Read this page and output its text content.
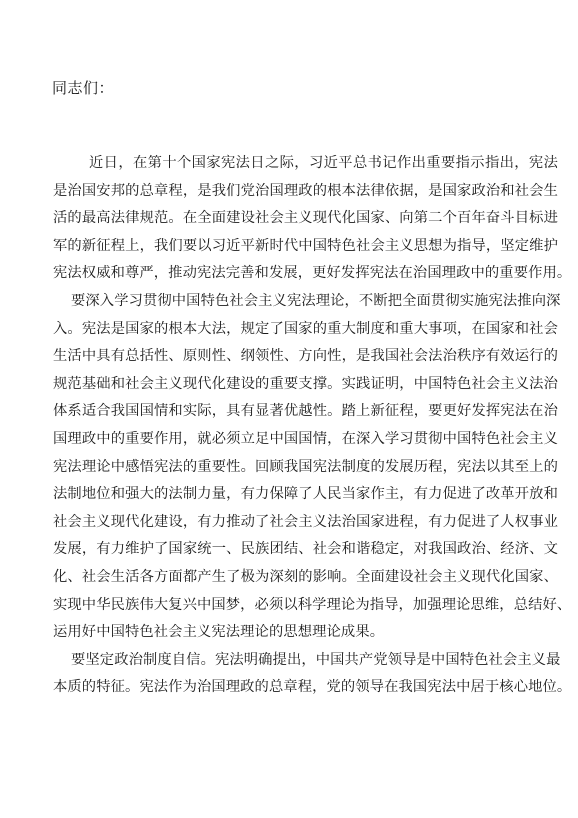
同志们：
近日，在第十个国家宪法日之际，习近平总书记作出重要指示指出，宪法
是治国安邦的总章程，是我们党治国理政的根本法律依据，是国家政治和社会生
活的最高法律规范。在全面建设社会主义现代化国家、向第二个百年奋斗目标进
军的新征程上，我们要以习近平新时代中国特色社会主义思想为指导，坚定维护
宪法权威和尊严，推动宪法完善和发展，更好发挥宪法在治国理政中的重要作用。
要深入学习贯彻中国特色社会主义宪法理论，不断把全面贯彻实施宪法推向深
入。宪法是国家的根本大法，规定了国家的重大制度和重大事项，在国家和社会
生活中具有总括性、原则性、纲领性、方向性，是我国社会法治秩序有效运行的
规范基础和社会主义现代化建设的重要支撑。实践证明，中国特色社会主义法治
体系适合我国国情和实际，具有显著优越性。踏上新征程，要更好发挥宪法在治
国理政中的重要作用，就必须立足中国国情，在深入学习贯彻中国特色社会主义
宪法理论中感悟宪法的重要性。回顾我国宪法制度的发展历程，宪法以其至上的
法制地位和强大的法制力量，有力保障了人民当家作主，有力促进了改革开放和
社会主义现代化建设，有力推动了社会主义法治国家进程，有力促进了人权事业
发展，有力维护了国家统一、民族团结、社会和谐稳定，对我国政治、经济、文
化、社会生活各方面都产生了极为深刻的影响。全面建设社会主义现代化国家、
实现中华民族伟大复兴中国梦，必须以科学理论为指导，加强理论思维，总结好、
运用好中国特色社会主义宪法理论的思想理论成果。
要坚定政治制度自信。宪法明确提出，中国共产党领导是中国特色社会主义最
本质的特征。宪法作为治国理政的总章程，党的领导在我国宪法中居于核心地位。
